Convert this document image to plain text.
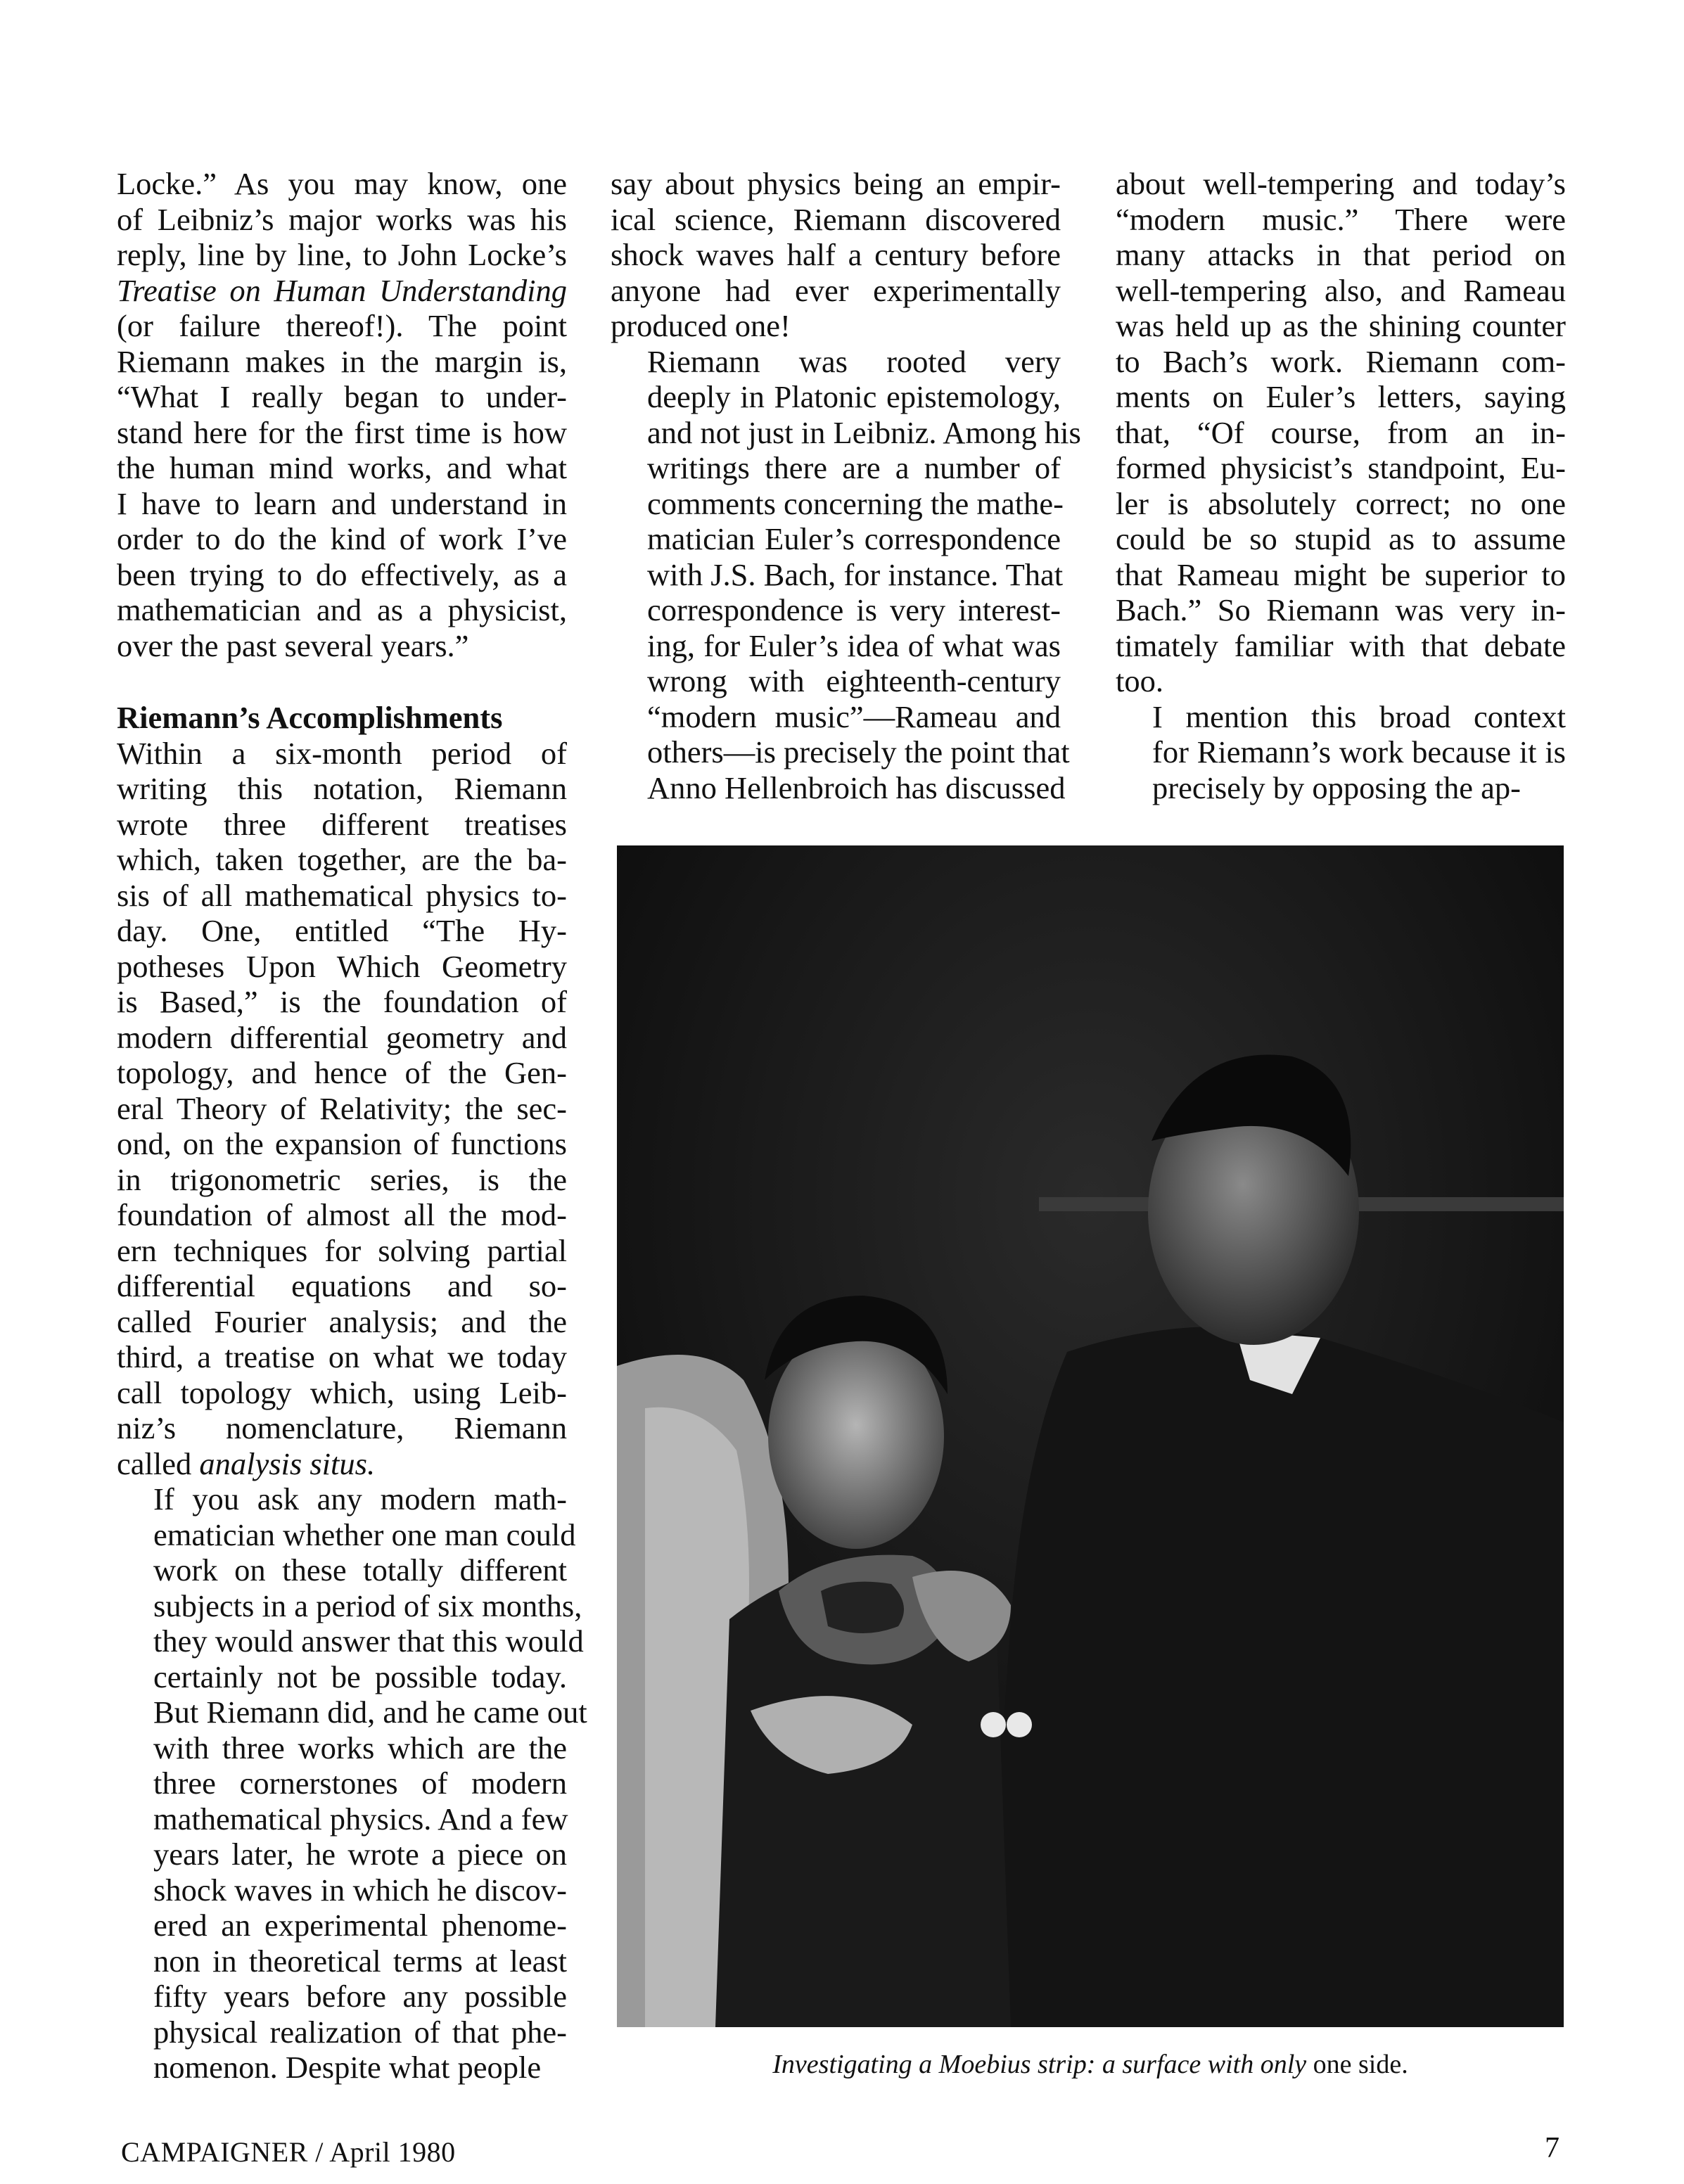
Locke.” As you may know, one
of Leibniz’s major works was his
reply, line by line, to John Locke’s
Treatise on Human Understanding
(or failure thereof!). The point
Riemann makes in the margin is,
“What I really began to under-
stand here for the first time is how
the human mind works, and what
I have to learn and understand in
order to do the kind of work I’ve
been trying to do effectively, as a
mathematician and as a physicist,
over the past several years.”

Riemann’s Accomplishments

Within a six-month period of
writing this notation, Riemann
wrote three different treatises
which, taken together, are the ba-
sis of all mathematical physics to-
day. One, entitled “The Hy-
potheses Upon Which Geometry
is Based,” is the foundation of
modern differential geometry and
topology, and hence of the Gen-
eral Theory of Relativity; the sec-
ond, on the expansion of functions
in trigonometric series, is the
foundation of almost all the mod-
ern techniques for solving partial
differential equations and so-
called Fourier analysis; and the
third, a treatise on what we today
call topology which, using Leib-
niz’s nomenclature, Riemann

called analysis situs.

If you ask any modern math-
ematician whether one man could
work on these totally different
subjects in a period of six months,
they would answer that this would
certainly not be possible today.
But Riemann did, and he came out
with three works which are the
three cornerstones of modern
mathematical physics. And a few
years later, he wrote a piece on
shock waves in which he discov-
ered an experimental phenome-
non in theoretical terms at least
fifty years before any possible
physical realization of that phe-
nomenon. Despite what people

say about physics being an empir-
ical science, Riemann discovered
shock waves half a century before
anyone had ever experimentally
produced one!

Riemann was rooted very
deeply in Platonic epistemology,
and not just in Leibniz. Among his
writings there are a number of
comments concerning the mathe-
matician Euler’s correspondence
with J.S. Bach, for instance. That
correspondence is very interest-
ing, for Euler’s idea of what was
wrong with eighteenth-century
“modern music”—Rameau and
others—is precisely the point that
Anno Hellenbroich has discussed

about well-tempering and today’s
“modern music.” There were
many attacks in that period on
well-tempering also, and Rameau
was held up as the shining counter
to Bach’s work. Riemann com-
ments on Euler’s letters, saying
that, “Of course, from an in-
formed physicist’s standpoint, Eu-
ler is absolutely correct; no one
could be so stupid as to assume
that Rameau might be superior to
Bach.” So Riemann was very in-
timately familiar with that debate
too.

I mention this broad context
for Riemann’s work because it is
precisely by opposing the ap-

Investigating a Moebius strip: a surface with only one side.
CAMPAIGNER / April 1980	7
